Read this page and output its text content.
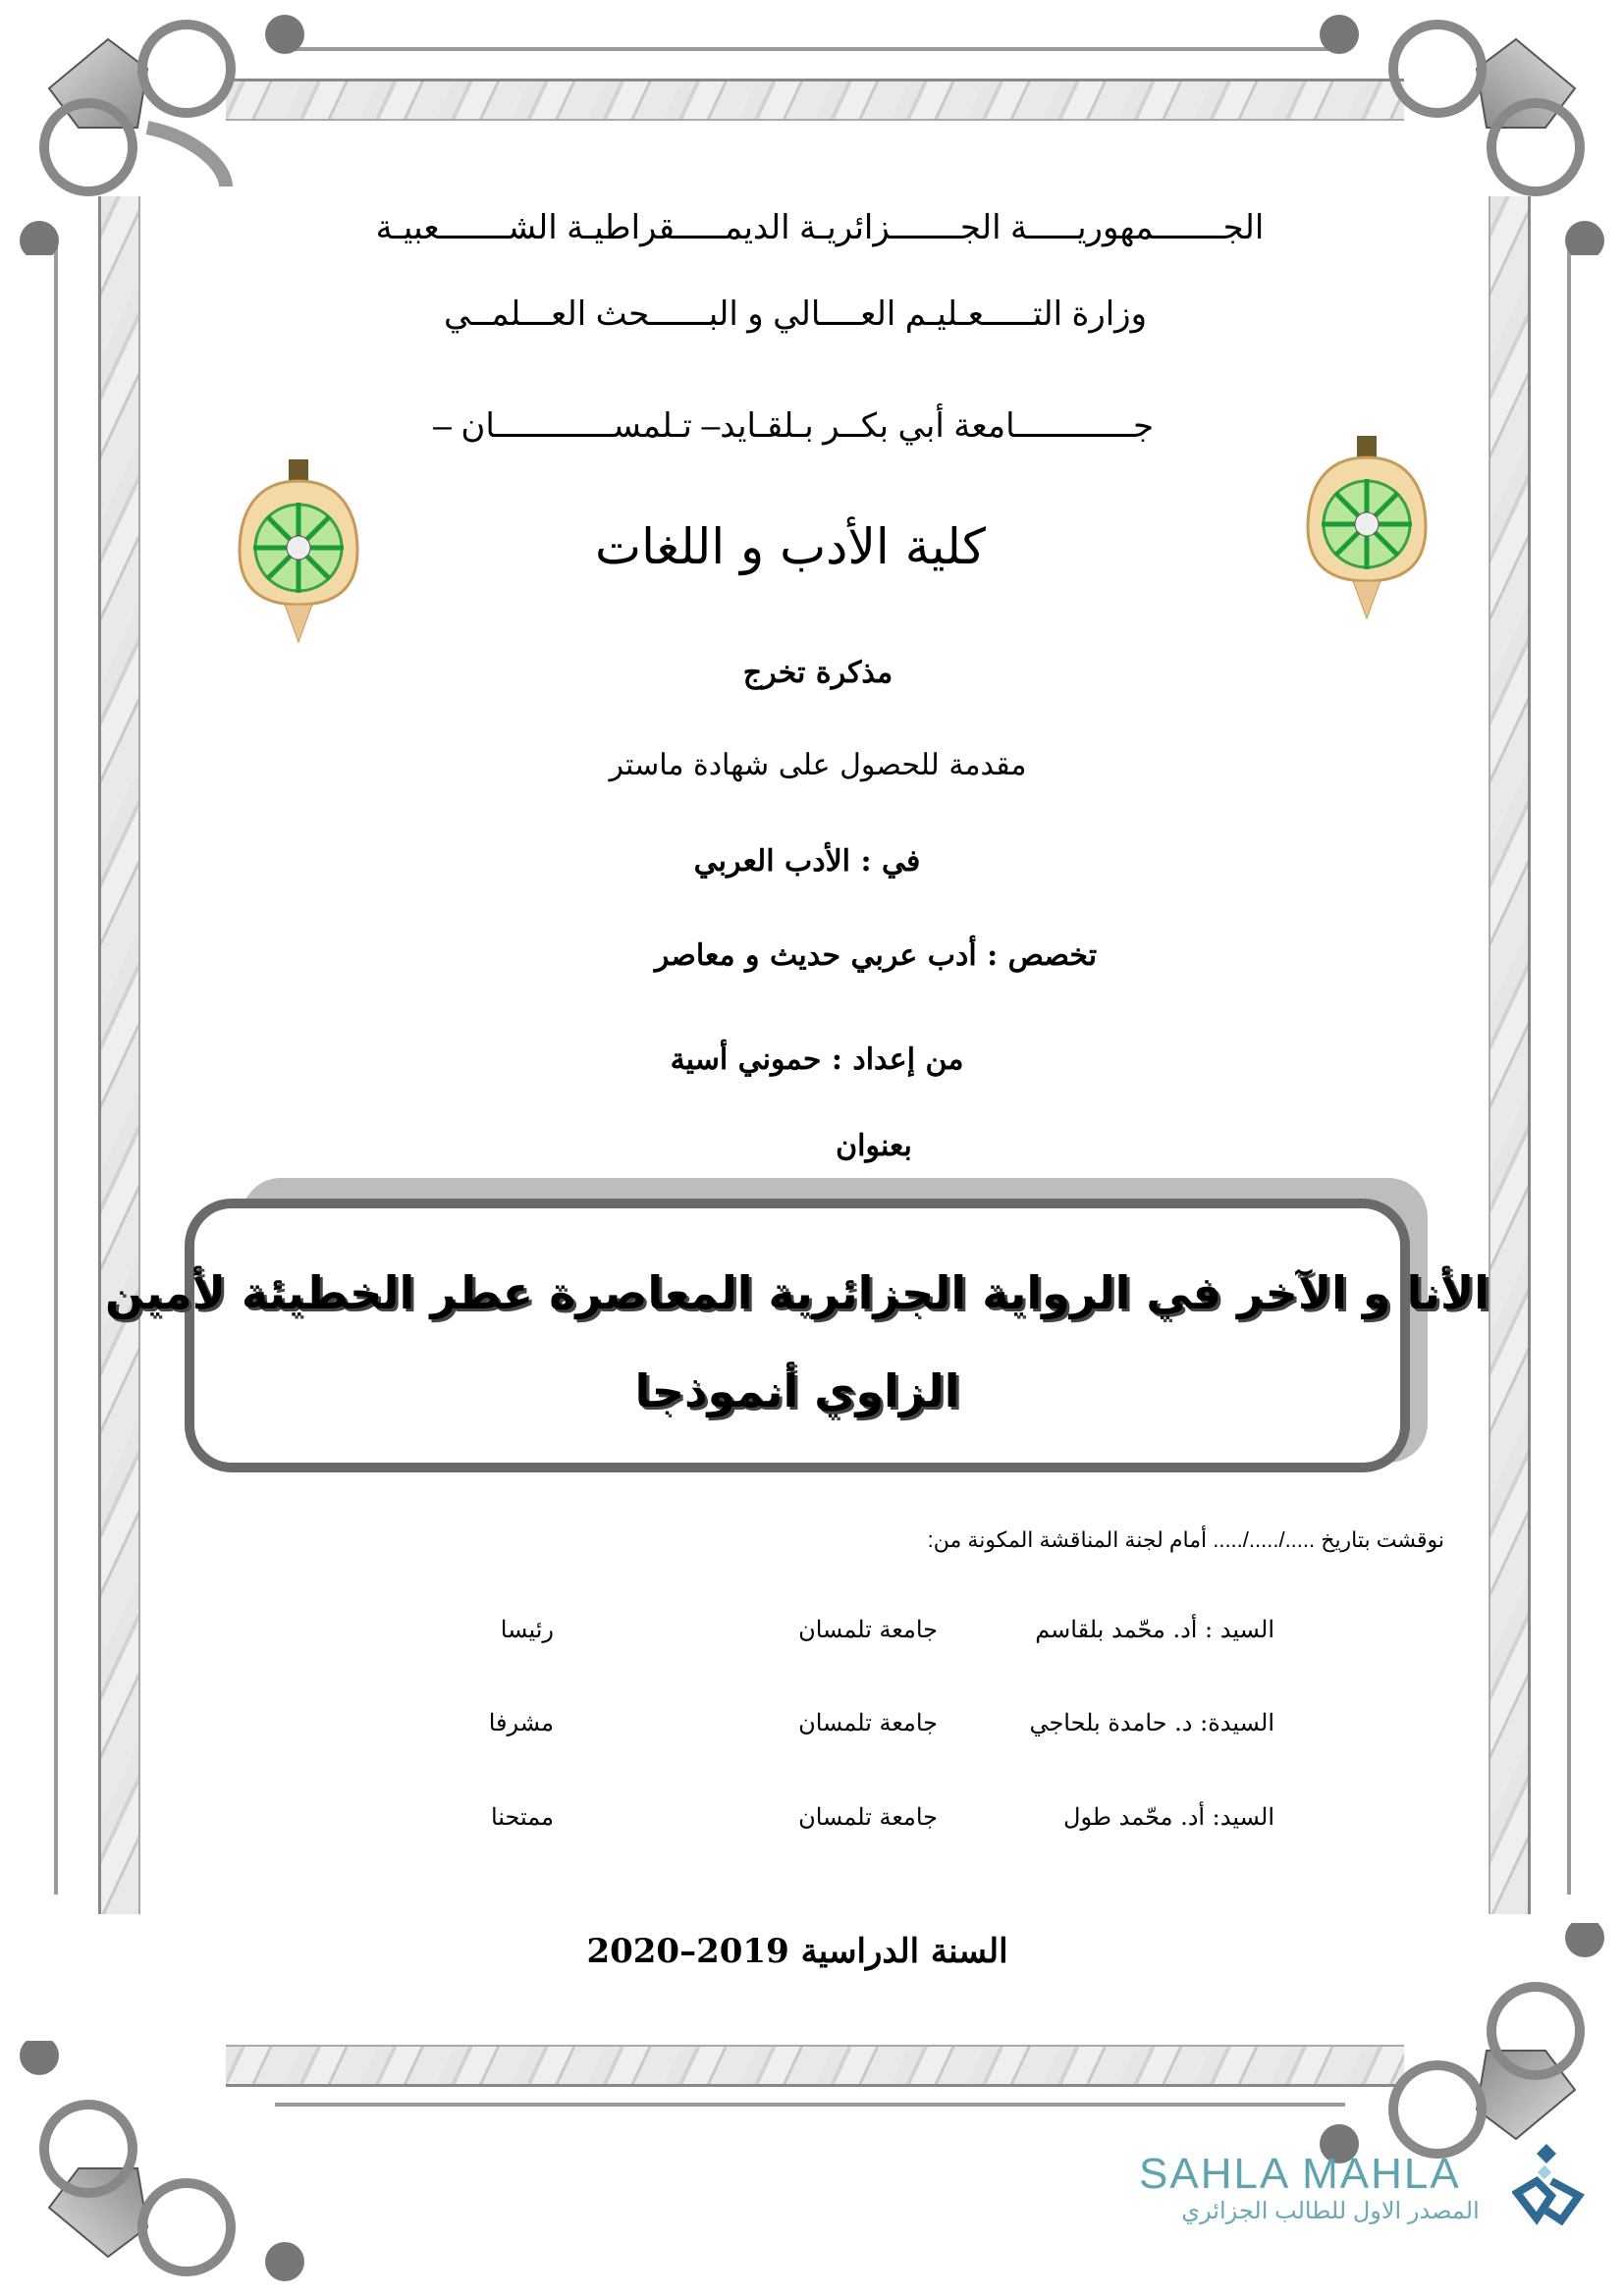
الجـــــــمهوريـــــة الجـــــــزائريـة الديمـــــقراطيـة الشـــــــعبيـة
وزارة التـــــعـليـم العــــالي و البــــــحث العـــلمــي
جــــــــــــامعة أبي بكــر بـلقـايد– تـلمســــــــــــان –
كلية الأدب و اللغات
مذكرة تخرج
مقدمة للحصول على شهادة ماستر
في : الأدب العربي
تخصص : أدب عربي حديث و معاصر
من إعداد : حموني أسية
بعنوان
الأنا و الآخر في الرواية الجزائرية المعاصرة عطر الخطيئة لأمين
الزاوي أنموذجا
نوقشت بتاريخ ...../...../..... أمام لجنة المناقشة المكونة من:
السيد : أد. محّمد بلقاسم
جامعة تلمسان
رئيسا
السيدة: د. حامدة بلحاجي
جامعة تلمسان
مشرفا
السيد: أد. محّمد طول
جامعة تلمسان
ممتحنا
السنة الدراسية 2019–2020
SAHLA MAHLA
المصدر الاول للطالب الجزائري
